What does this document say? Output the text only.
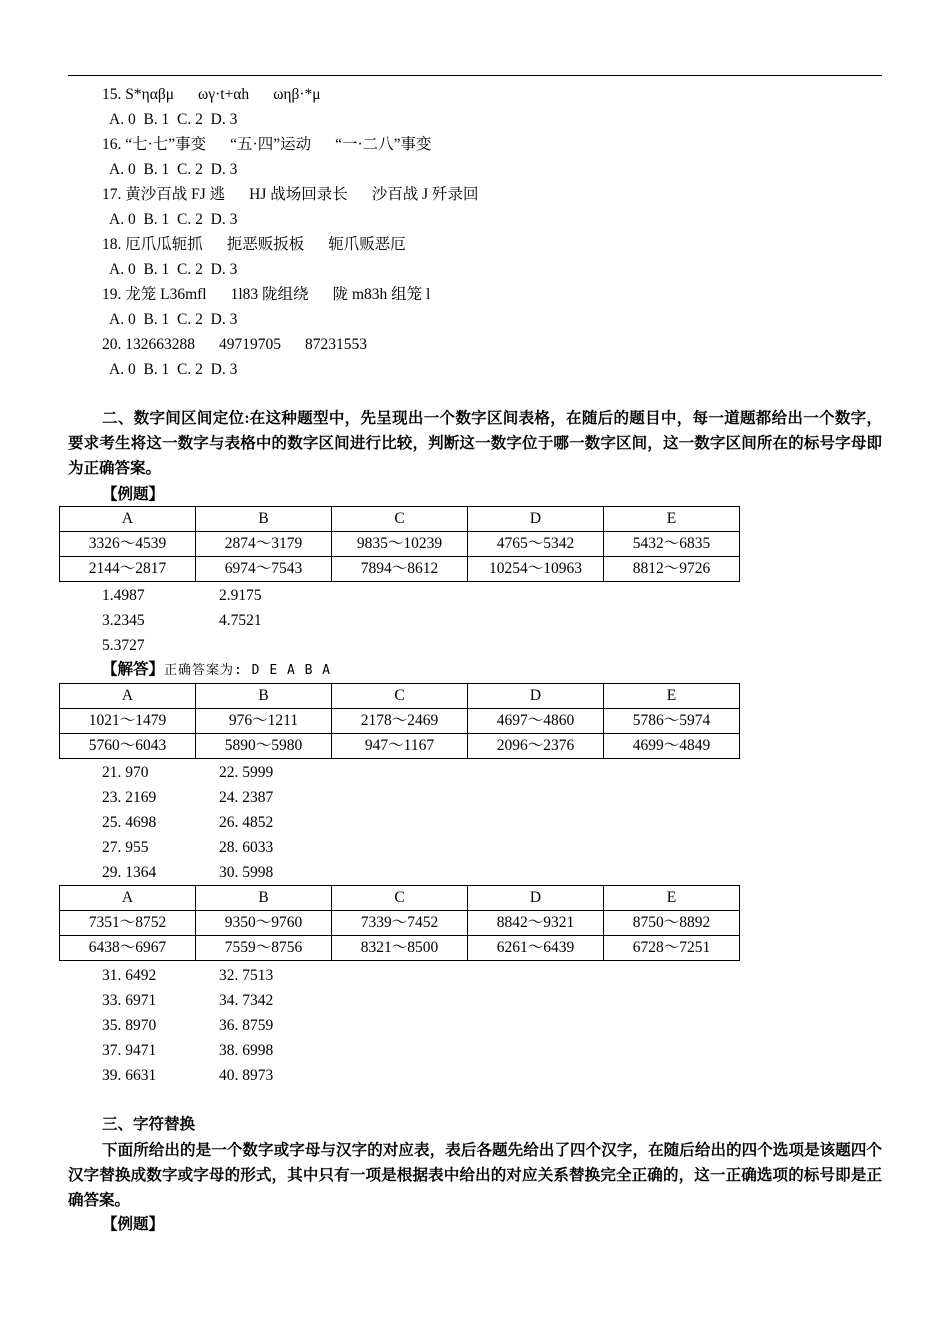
15. S*ηαβμ ωγ·t+αh ωηβ·*μ
A. 0  B. 1  C. 2  D. 3
16. “七·七”事变 “五·四”运动 “一·二八”事变
A. 0  B. 1  C. 2  D. 3
17. 黄沙百战 FJ 逃 HJ 战场回录长 沙百战 J 歼录回
A. 0  B. 1  C. 2  D. 3
18. 厄爪瓜轭抓 扼恶贩扳板 轭爪贩恶厄
A. 0  B. 1  C. 2  D. 3
19. 龙笼 L36mfl 1l83 陇组绕 陇 m83h 组笼 l
A. 0  B. 1  C. 2  D. 3
20. 132663288 49719705 87231553
A. 0  B. 1  C. 2  D. 3
二、数字间区间定位:在这种题型中，先呈现出一个数字区间表格，在随后的题目中，每一道题都给出一个数字，要求考生将这一数字与表格中的数字区间进行比较，判断这一数字位于哪一数字区间，这一数字区间所在的标号字母即为正确答案。
【例题】
A	B	C	D	E
3326～4539	2874～3179	9835～10239	4765～5342	5432～6835
2144～2817	6974～7543	7894～8612	10254～10963	8812～9726
1.4987	2.9175
3.2345	4.7521
5.3727
【解答】正确答案为: D E A B A
A	B	C	D	E
1021～1479	976～1211	2178～2469	4697～4860	5786～5974
5760～6043	5890～5980	947～1167	2096～2376	4699～4849
21. 970	22. 5999
23. 2169	24. 2387
25. 4698	26. 4852
27. 955	28. 6033
29. 1364	30. 5998
A	B	C	D	E
7351～8752	9350～9760	7339～7452	8842～9321	8750～8892
6438～6967	7559～8756	8321～8500	6261～6439	6728～7251
31. 6492	32. 7513
33. 6971	34. 7342
35. 8970	36. 8759
37. 9471	38. 6998
39. 6631	40. 8973
三、字符替换
下面所给出的是一个数字或字母与汉字的对应表，表后各题先给出了四个汉字，在随后给出的四个选项是该题四个汉字替换成数字或字母的形式，其中只有一项是根据表中给出的对应关系替换完全正确的，这一正确选项的标号即是正确答案。
【例题】
